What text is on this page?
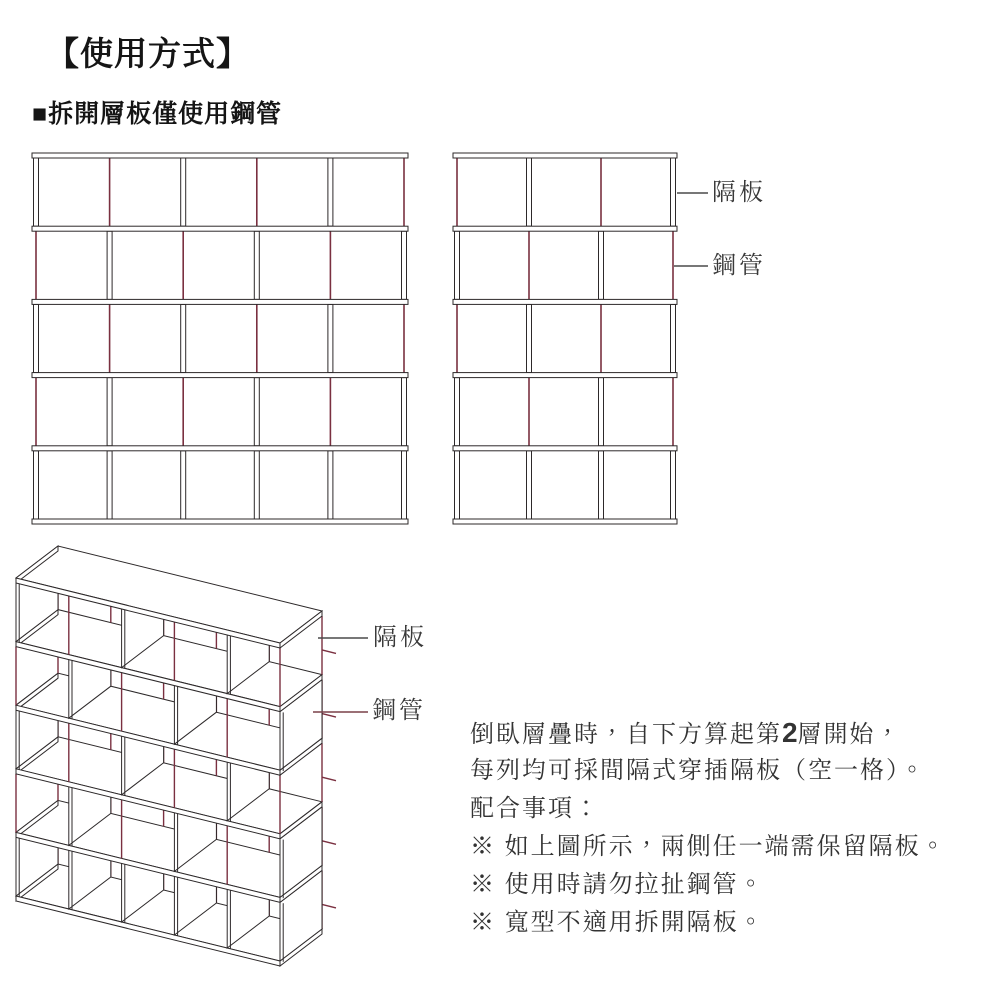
【使用方式】
■拆開層板僅使用鋼管
隔板
鋼管
隔板
鋼管
倒臥層疊時，自下方算起第2層開始，
每列均可採間隔式穿插隔板（空一格）。
配合事項：
※ 如上圖所示，兩側任一端需保留隔板。
※ 使用時請勿拉扯鋼管。
※ 寬型不適用拆開隔板。
